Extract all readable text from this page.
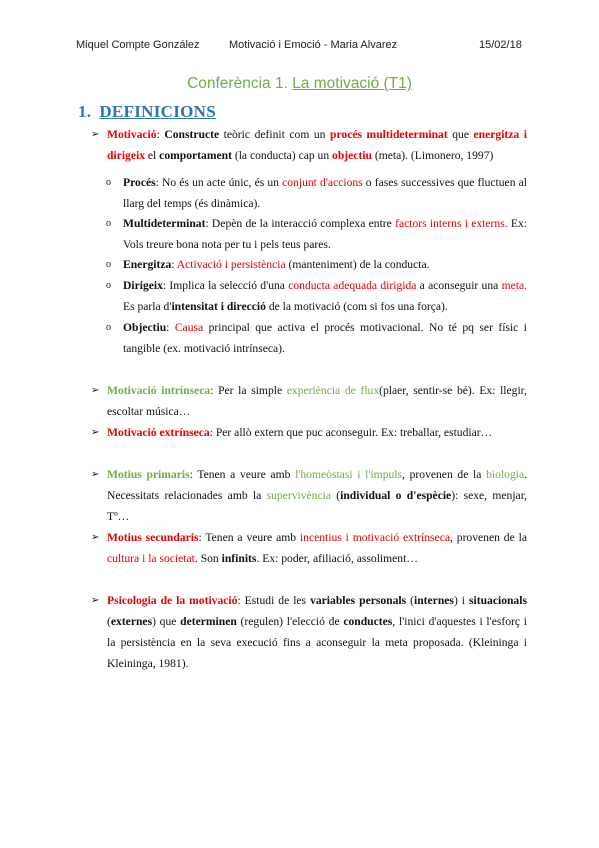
Miquel Compte González	Motivació i Emoció - Maria Alvarez	15/02/18
Conferència 1. La motivació (T1)
1. DEFINICIONS
➢ Motivació: Constructe teòric definit com un procés multideterminat que energitza i dirigeix el comportament (la conducta) cap un objectiu (meta). (Limonero, 1997)
o Procés: No és un acte únic, és un conjunt d'accions o fases successives que fluctuen al llarg del temps (és dinàmica).
o Multideterminat: Depèn de la interacció complexa entre factors interns i externs. Ex: Vols treure bona nota per tu i pels teus pares.
o Energitza: Activació i persistència (manteniment) de la conducta.
o Dirigeix: Implica la selecció d'una conducta adequada dirigida a aconseguir una meta. Es parla d'intensitat i direcció de la motivació (com si fos una força).
o Objectiu: Causa principal que activa el procés motivacional. No té pq ser físic i tangible (ex. motivació intrínseca).
➢ Motivació intrínseca: Per la simple experiència de flux(plaer, sentir-se bé). Ex: llegir, escoltar música…
➢ Motivació extrínseca: Per allò extern que puc aconseguir. Ex: treballar, estudiar…
➢ Motius primaris: Tenen a veure amb l'homeòstasi i l'impuls, provenen de la biologia. Necessitats relacionades amb la supervivència (individual o d'espècie): sexe, menjar, Tº…
➢ Motius secundaris: Tenen a veure amb incentius i motivació extrínseca, provenen de la cultura i la societat. Son infinits. Ex: poder, afiliació, assoliment…
➢ Psicologia de la motivació: Estudi de les variables personals (internes) i situacionals (externes) que determinen (regulen) l'elecció de conductes, l'inici d'aquestes i l'esforç i la persistència en la seva execució fins a aconseguir la meta proposada. (Kleininga i Kleininga, 1981).
